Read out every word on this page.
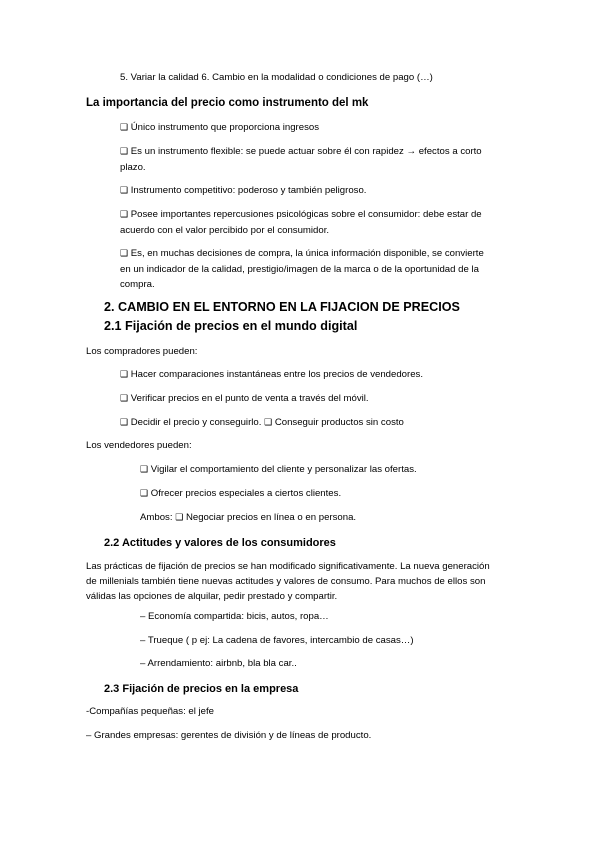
5. Variar la calidad 6. Cambio en la modalidad o condiciones de pago (…)
La importancia del precio como instrumento del mk
❑ Único instrumento que proporciona ingresos
❑ Es un instrumento flexible: se puede actuar sobre él con rapidez → efectos a corto
plazo.
❑ Instrumento competitivo: poderoso y también peligroso.
❑ Posee importantes repercusiones psicológicas sobre el consumidor: debe estar de
acuerdo con el valor percibido por el consumidor.
❑ Es, en muchas decisiones de compra, la única información disponible, se convierte
en un indicador de la calidad, prestigio/imagen de la marca o de la oportunidad de la
compra.
2. CAMBIO EN EL ENTORNO EN LA FIJACION DE PRECIOS
2.1 Fijación de precios en el mundo digital
Los compradores pueden:
❑ Hacer comparaciones instantáneas entre los precios de vendedores.
❑ Verificar precios en el punto de venta a través del móvil.
❑ Decidir el precio y conseguirlo. ❑ Conseguir productos sin costo
Los vendedores pueden:
❑ Vigilar el comportamiento del cliente y personalizar las ofertas.
❑ Ofrecer precios especiales a ciertos clientes.
Ambos: ❑ Negociar precios en línea o en persona.
2.2 Actitudes y valores de los consumidores
Las prácticas de fijación de precios se han modificado significativamente. La nueva generación
de millenials también tiene nuevas actitudes y valores de consumo. Para muchos de ellos son
válidas las opciones de alquilar, pedir prestado y compartir.
– Economía compartida: bicis, autos, ropa…
– Trueque ( p ej: La cadena de favores, intercambio de casas…)
– Arrendamiento: airbnb, bla bla car..
2.3 Fijación de precios en la empresa
-Compañías pequeñas: el jefe
– Grandes empresas: gerentes de división y de líneas de producto.
